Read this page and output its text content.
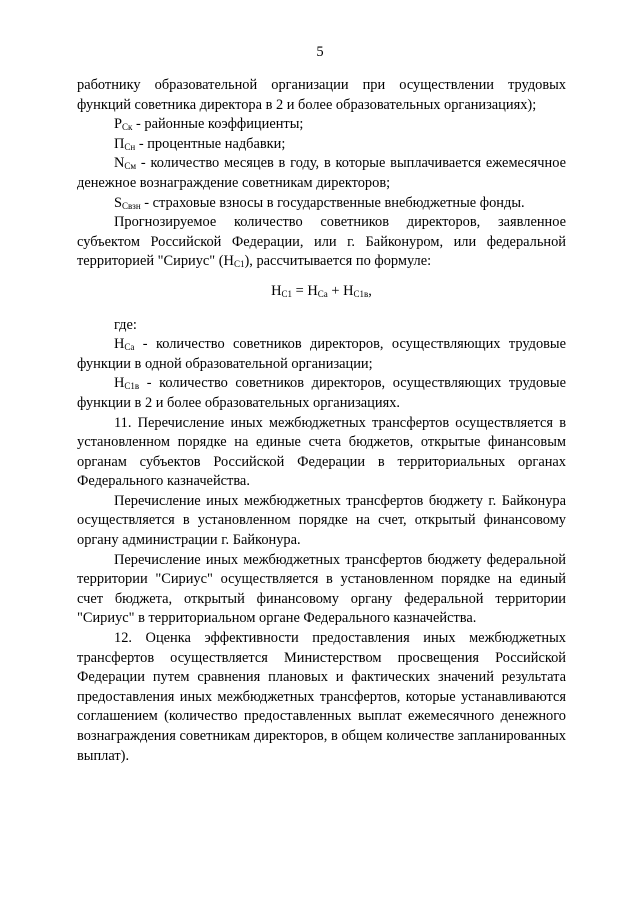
5

работнику образовательной организации при осуществлении трудовых функций советника директора в 2 и более образовательных организациях);

$Р_{Ск}$ - районные коэффициенты;

$П_{Сн}$ - процентные надбавки;

$N_{См}$ - количество месяцев в году, в которые выплачивается ежемесячное денежное вознаграждение советникам директоров;

$S_{Свзн}$ - страховые взносы в государственные внебюджетные фонды.

Прогнозируемое количество советников директоров, заявленное субъектом Российской Федерации, или г. Байконуром, или федеральной территорией "Сириус" $(Н_{С1})$, рассчитывается по формуле:

$Н_{С1} = Н_{Са} + Н_{С1в}$,

где:

$Н_{Са}$ - количество советников директоров, осуществляющих трудовые функции в одной образовательной организации;

$Н_{С1в}$ - количество советников директоров, осуществляющих трудовые функции в 2 и более образовательных организациях.

11. Перечисление иных межбюджетных трансфертов осуществляется в установленном порядке на единые счета бюджетов, открытые финансовым органам субъектов Российской Федерации в территориальных органах Федерального казначейства.

Перечисление иных межбюджетных трансфертов бюджету г. Байконура осуществляется в установленном порядке на счет, открытый финансовому органу администрации г. Байконура.

Перечисление иных межбюджетных трансфертов бюджету федеральной территории "Сириус" осуществляется в установленном порядке на единый счет бюджета, открытый финансовому органу федеральной территории "Сириус" в территориальном органе Федерального казначейства.

12. Оценка эффективности предоставления иных межбюджетных трансфертов осуществляется Министерством просвещения Российской Федерации путем сравнения плановых и фактических значений результата предоставления иных межбюджетных трансфертов, которые устанавливаются соглашением (количество предоставленных выплат ежемесячного денежного вознаграждения советникам директоров, в общем количестве запланированных выплат).
